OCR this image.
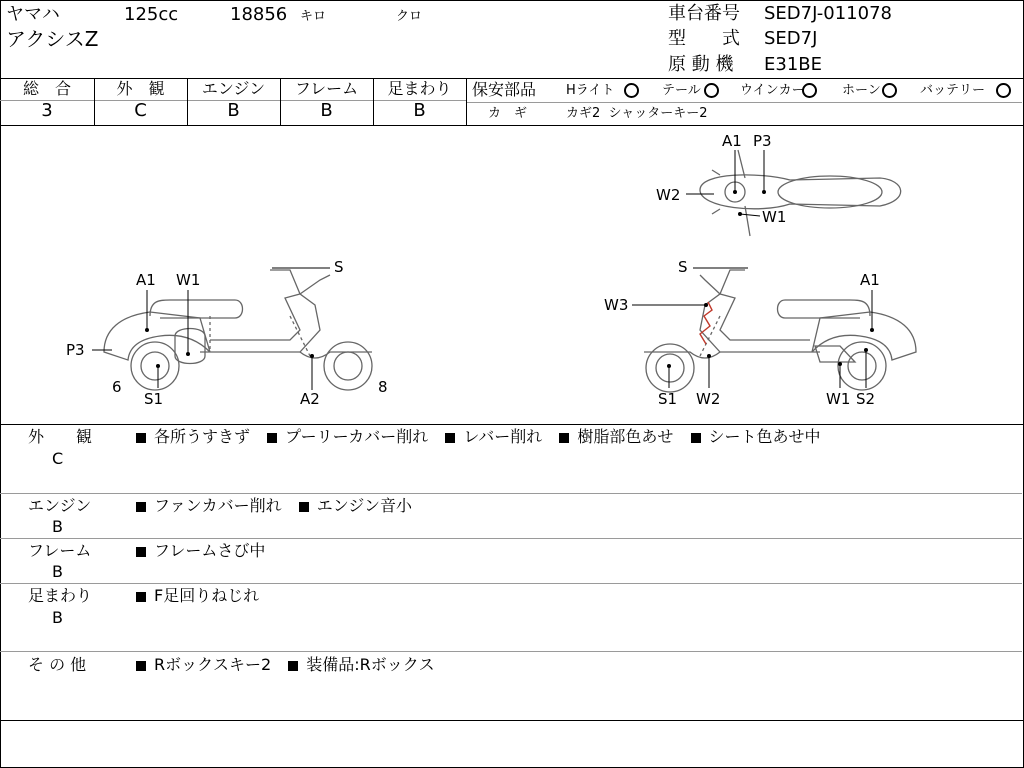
ヤマハ	125cc	18856 キロ	クロ
アクシスZ
車台番号 SED7J-011078
型　　式 SED7J
原 動 機 E31BE
総　合	外　観	エンジン	フレーム	足まわり
3	C	B	B	B
保安部品 Hライト	テール	ウインカー	ホーン	バッテリー
カ　ギ	カギ2  シャッターキー2
A1 P3
W2
W1
A1 W1
S
P3
6
S1	A2
8
S
A1
W3
S1 W2	W1 S2
外　　観
C
各所うすきず プーリーカバー削れ レバー削れ 樹脂部色あせ シート色あせ中
エンジン
B
ファンカバー削れ エンジン音小
フレーム
B
フレームさび中
足まわり
B
F足回りねじれ
そ の 他	Rボックスキー2 装備品:Rボックス
